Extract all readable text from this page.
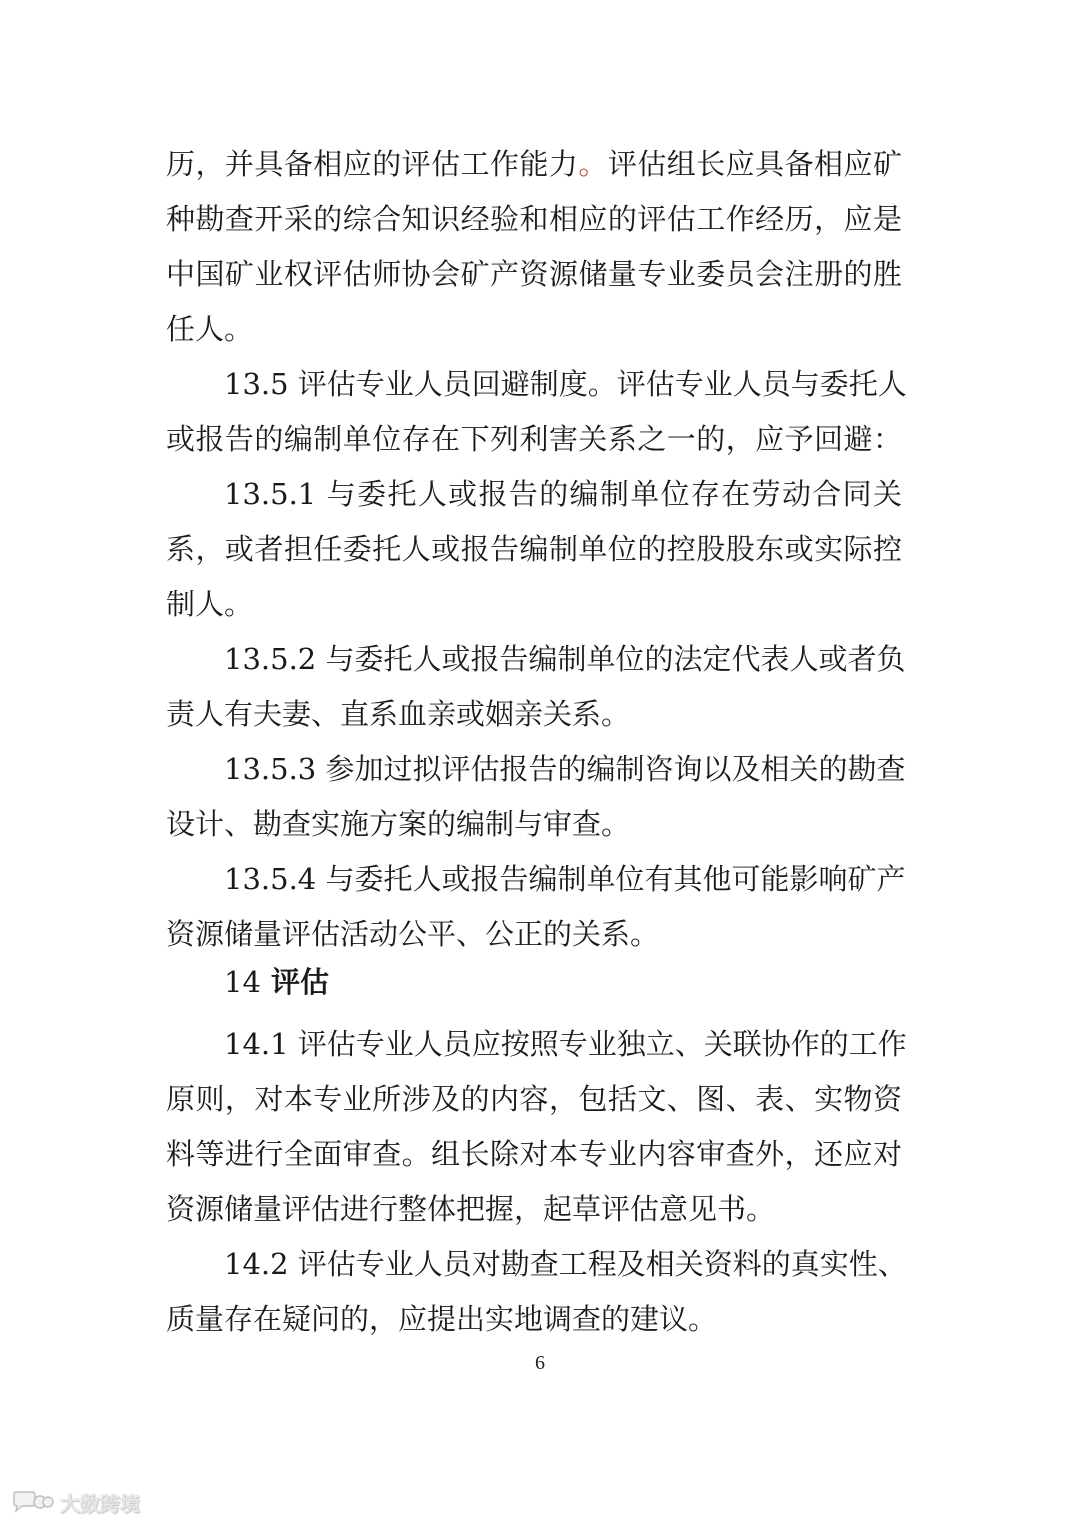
历，并具备相应的评估工作能力。评估组长应具备相应矿
种勘查开采的综合知识经验和相应的评估工作经历，应是
中国矿业权评估师协会矿产资源储量专业委员会注册的胜
任人。
13.5 评估专业人员回避制度。评估专业人员与委托人
或报告的编制单位存在下列利害关系之一的，应予回避：
13.5.1 与委托人或报告的编制单位存在劳动合同关
系，或者担任委托人或报告编制单位的控股股东或实际控
制人。
13.5.2 与委托人或报告编制单位的法定代表人或者负
责人有夫妻、直系血亲或姻亲关系。
13.5.3 参加过拟评估报告的编制咨询以及相关的勘查
设计、勘查实施方案的编制与审查。
13.5.4 与委托人或报告编制单位有其他可能影响矿产
资源储量评估活动公平、公正的关系。
14 评估
14.1 评估专业人员应按照专业独立、关联协作的工作
原则，对本专业所涉及的内容，包括文、图、表、实物资
料等进行全面审查。组长除对本专业内容审查外，还应对
资源储量评估进行整体把握，起草评估意见书。
14.2 评估专业人员对勘查工程及相关资料的真实性、
质量存在疑问的，应提出实地调查的建议。
6
大数跨境
